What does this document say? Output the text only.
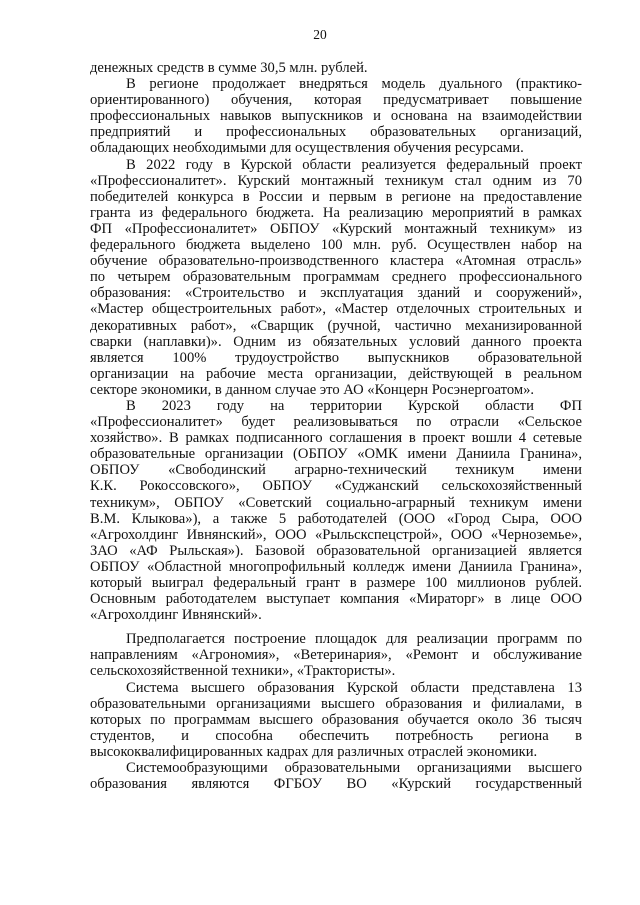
20

денежных средств в сумме 30,5 млн. рублей.

В регионе продолжает внедряться модель дуального (практико-
ориентированного) обучения, которая предусматривает повышение
профессиональных навыков выпускников и основана на взаимодействии
предприятий и профессиональных образовательных организаций,
обладающих необходимыми для осуществления обучения ресурсами.

В 2022 году в Курской области реализуется федеральный проект
«Профессионалитет». Курский монтажный техникум стал одним из 70
победителей конкурса в России и первым в регионе на предоставление
гранта из федерального бюджета. На реализацию мероприятий в рамках
ФП «Профессионалитет» ОБПОУ «Курский монтажный техникум» из
федерального бюджета выделено 100 млн. руб. Осуществлен набор на
обучение образовательно-производственного кластера «Атомная отрасль»
по четырем образовательным программам среднего профессионального
образования: «Строительство и эксплуатация зданий и сооружений»,
«Мастер общестроительных работ», «Мастер отделочных строительных и
декоративных работ», «Сварщик (ручной, частично механизированной
сварки (наплавки)». Одним из обязательных условий данного проекта
является 100% трудоустройство выпускников образовательной
организации на рабочие места организации, действующей в реальном
секторе экономики, в данном случае это АО «Концерн Росэнергоатом».

В 2023 году на территории Курской области ФП
«Профессионалитет» будет реализовываться по отрасли «Сельское
хозяйство». В рамках подписанного соглашения в проект вошли 4 сетевые
образовательные организации (ОБПОУ «ОМК имени Даниила Гранина»,
ОБПОУ «Свободинский аграрно-технический техникум имени
К.К. Рокоссовского», ОБПОУ «Суджанский сельскохозяйственный
техникум», ОБПОУ «Советский социально-аграрный техникум имени
В.М. Клыкова»), а также 5 работодателей (ООО «Город Сыра, ООО
«Агрохолдинг Ивнянский», ООО «Рыльскспецстрой», ООО «Черноземье»,
ЗАО «АФ Рыльская»). Базовой образовательной организацией является
ОБПОУ «Областной многопрофильный колледж имени Даниила Гранина»,
который выиграл федеральный грант в размере 100 миллионов рублей.
Основным работодателем выступает компания «Мираторг» в лице ООО
«Агрохолдинг Ивнянский».

Предполагается построение площадок для реализации программ по
направлениям «Агрономия», «Ветеринария», «Ремонт и обслуживание
сельскохозяйственной техники», «Трактористы».

Система высшего образования Курской области представлена 13
образовательными организациями высшего образования и филиалами, в
которых по программам высшего образования обучается около 36 тысяч
студентов, и способна обеспечить потребность региона в
высококвалифицированных кадрах для различных отраслей экономики.

Системообразующими образовательными организациями высшего
образования являются ФГБОУ ВО «Курский государственный
